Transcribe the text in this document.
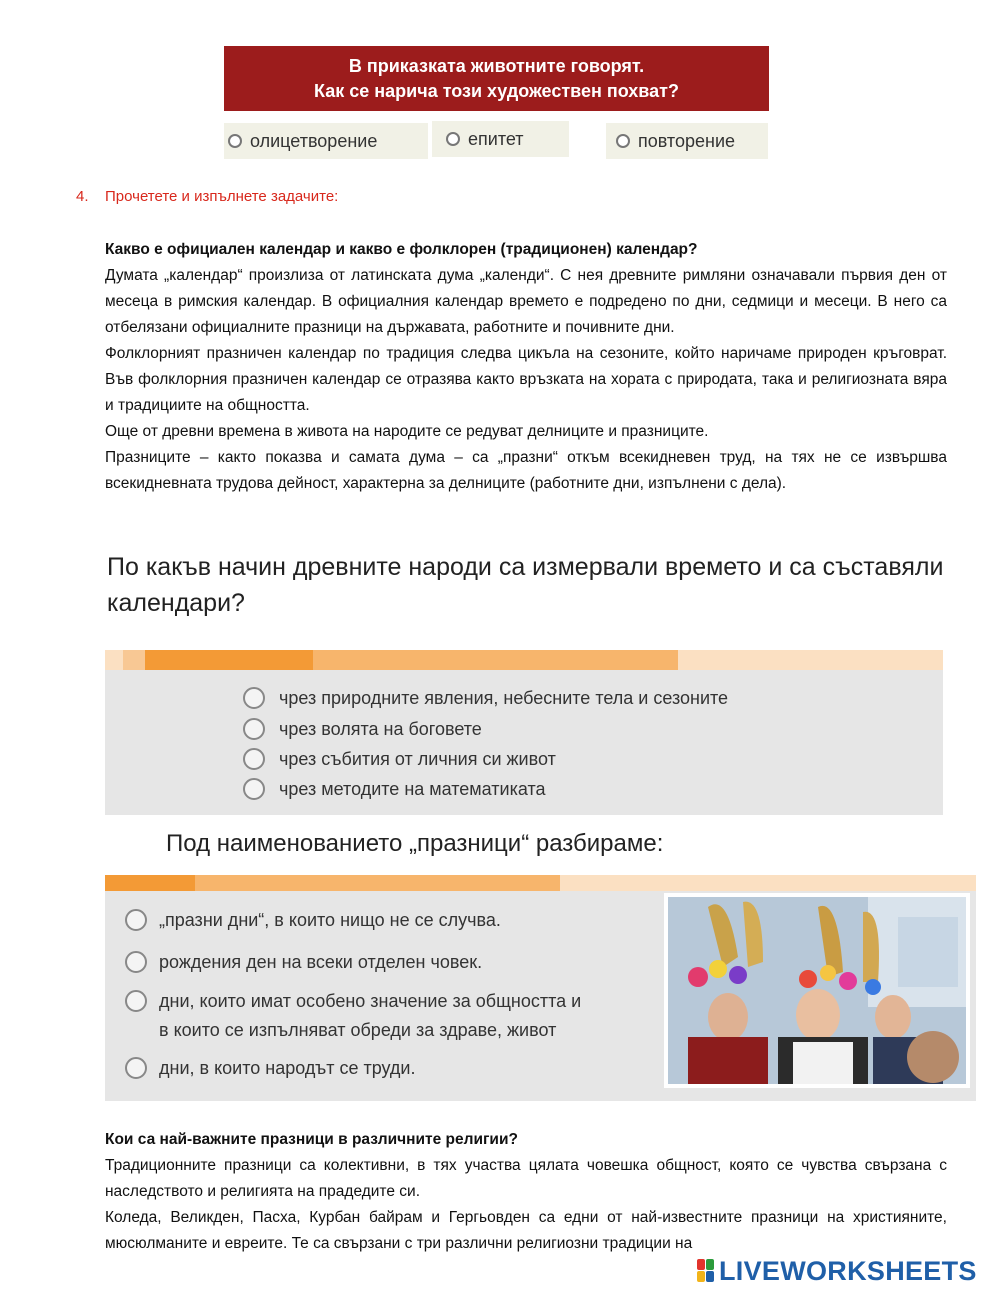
В приказката животните говорят.
Как се нарича този художествен похват?
олицетворение	епитет	повторение
4. Прочетете и изпълнете задачите:

Какво е официален календар и какво е фолклорен (традиционен) календар?

Думата „календар“ произлиза от латинската дума „календи“. С нея древните римляни означавали първия ден от месеца в римския календар. В официалния календар времето е подредено по дни, седмици и месеци. В него са отбелязани официалните празници на държавата, работните и почивните дни.

Фолклорният празничен календар по традиция следва цикъла на сезоните, който наричаме природен кръговрат. Във фолклорния празничен календар се отразява както връзката на хората с природата, така и религиозната вяра и традициите на общността.

Още от древни времена в живота на народите се редуват делниците и празниците.

Празниците – както показва и самата дума – са „празни“ откъм всекидневен труд, на тях не се извършва всекидневната трудова дейност, характерна за делниците (работните дни, изпълнени с дела).

По какъв начин древните народи са измервали времето и са съставяли календари?
чрез природните явления, небесните тела и сезоните
чрез волята на боговете
чрез събития от личния си живот
чрез методите на математиката
Под наименованието „празници“ разбираме:
„празни дни“, в които нищо не се случва.
рождения ден на всеки отделен човек.
дни, които имат особено значение за общността и
в които се изпълняват обреди за здраве, живот
дни, в които народът се труди.

Кои са най-важните празници в различните религии?

Традиционните празници са колективни, в тях участва цялата човешка общност, която се чувства свързана с наследството и религията на прадедите си.

Коледа, Великден, Пасха, Курбан байрам и Гергьовден са едни от най-известните празници на християните, мюсюлманите и евреите. Те са свързани с три различни религиозни традиции на

LIVEWORKSHEETS
